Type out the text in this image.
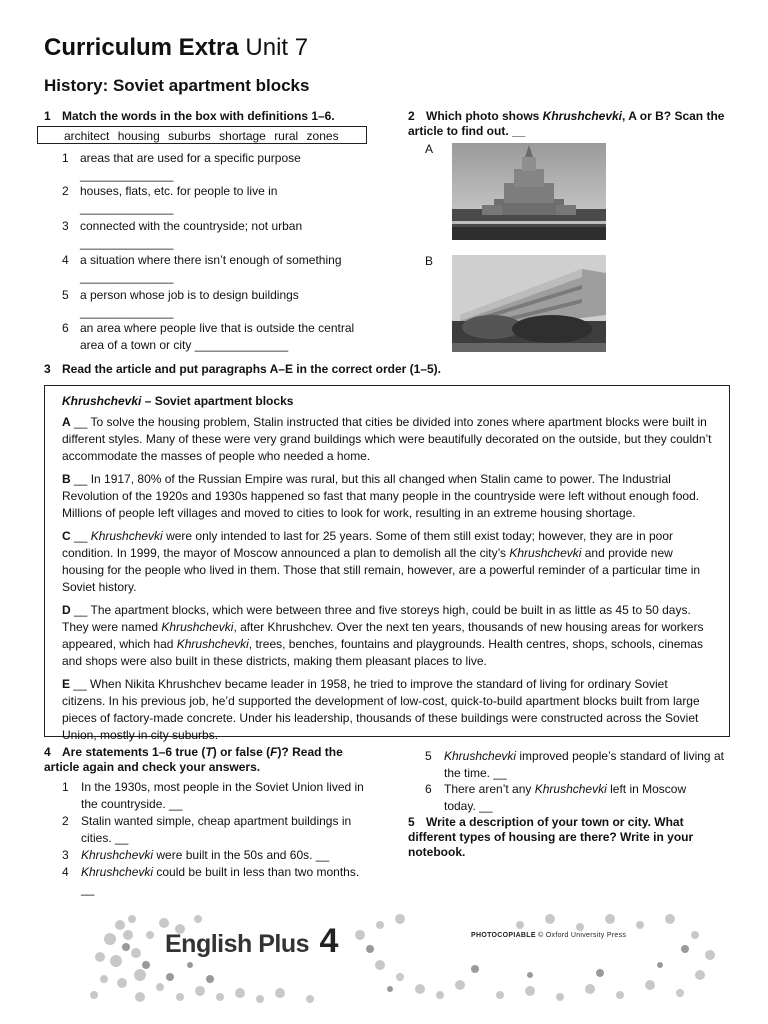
Curriculum Extra Unit 7
History: Soviet apartment blocks
1 Match the words in the box with definitions 1–6.
architect housing suburbs shortage rural zones
1 areas that are used for a specific purpose
______________
2 houses, flats, etc. for people to live in
______________
3 connected with the countryside; not urban
______________
4 a situation where there isn’t enough of something
______________
5 a person whose job is to design buildings
______________
6 an area where people live that is outside the central area of a town or city ______________
2 Which photo shows Khrushchevki, A or B? Scan the article to find out. __
A
B
3 Read the article and put paragraphs A–E in the correct order (1–5).

Khrushchevki – Soviet apartment blocks

A __ To solve the housing problem, Stalin instructed that cities be divided into zones where apartment blocks were built in different styles. Many of these were very grand buildings which were beautifully decorated on the outside, but they couldn’t accommodate the masses of people who needed a home.

B __ In 1917, 80% of the Russian Empire was rural, but this all changed when Stalin came to power. The Industrial Revolution of the 1920s and 1930s happened so fast that many people in the countryside were left without enough food. Millions of people left villages and moved to cities to look for work, resulting in an extreme housing shortage.

C __ Khrushchevki were only intended to last for 25 years. Some of them still exist today; however, they are in poor condition. In 1999, the mayor of Moscow announced a plan to demolish all the city’s Khrushchevki and provide new housing for the people who lived in them. Those that still remain, however, are a powerful reminder of a particular time in Soviet history.

D __ The apartment blocks, which were between three and five storeys high, could be built in as little as 45 to 50 days. They were named Khrushchevki, after Khrushchev. Over the next ten years, thousands of new housing areas for workers appeared, which had Khrushchevki, trees, benches, fountains and playgrounds. Health centres, shops, schools, cinemas and shops were also built in these districts, making them pleasant places to live.

E __ When Nikita Khrushchev became leader in 1958, he tried to improve the standard of living for ordinary Soviet citizens. In his previous job, he’d supported the development of low-cost, quick-to-build apartment blocks built from large pieces of factory-made concrete. Under his leadership, thousands of these buildings were constructed across the Soviet Union, mostly in city suburbs.

4 Are statements 1–6 true (T) or false (F)? Read the article again and check your answers.
1 In the 1930s, most people in the Soviet Union lived in the countryside. __
2 Stalin wanted simple, cheap apartment buildings in cities. __
3 Khrushchevki were built in the 50s and 60s. __
4 Khrushchevki could be built in less than two months. __
5 Khrushchevki improved people’s standard of living at the time. __
6 There aren’t any Khrushchevki left in Moscow today. __
5 Write a description of your town or city. What different types of housing are there? Write in your notebook.
English Plus 4	PHOTOCOPIABLE © Oxford University Press
